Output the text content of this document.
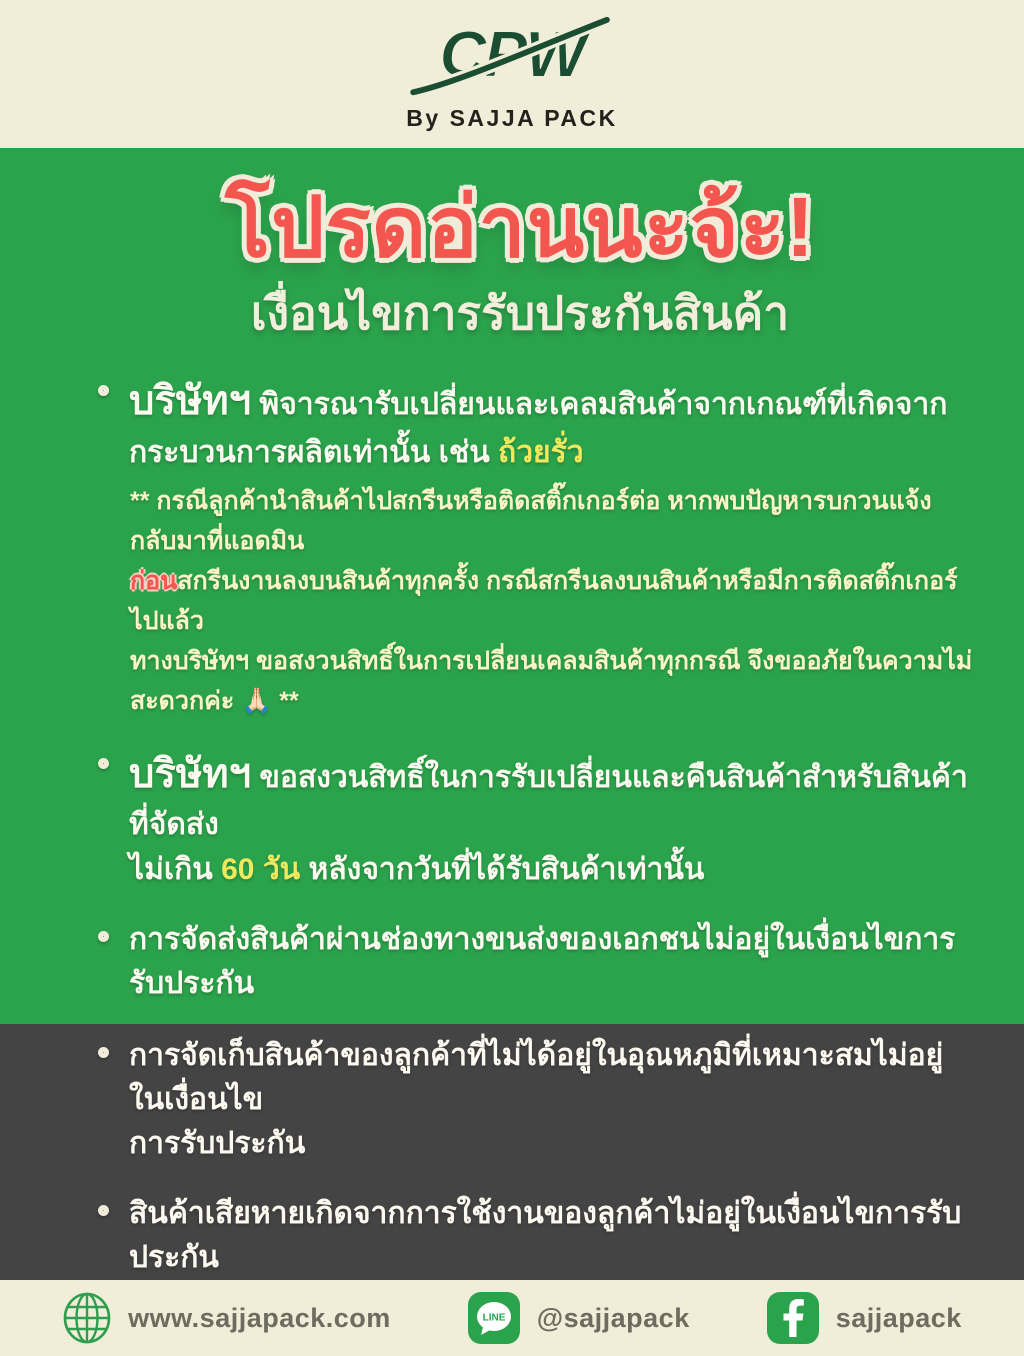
CPW
By SAJJA PACK
โปรดอ่านนะจ้ะ!
เงื่อนไขการรับประกันสินค้า
บริษัทฯ พิจารณารับเปลี่ยนและเคลมสินค้าจากเกณฑ์ที่เกิดจาก
กระบวนการผลิตเท่านั้น เช่น ถ้วยรั่ว
** กรณีลูกค้านำสินค้าไปสกรีนหรือติดสติ๊กเกอร์ต่อ หากพบปัญหารบกวนแจ้งกลับมาที่แอดมิน
ก่อนสกรีนงานลงบนสินค้าทุกครั้ง กรณีสกรีนลงบนสินค้าหรือมีการติดสติ๊กเกอร์ไปแล้ว
ทางบริษัทฯ ขอสงวนสิทธิ์ในการเปลี่ยนเคลมสินค้าทุกกรณี จึงขออภัยในความไม่สะดวกค่ะ 🙏🏻 **
บริษัทฯ ขอสงวนสิทธิ์ในการรับเปลี่ยนและคืนสินค้าสำหรับสินค้าที่จัดส่ง
ไม่เกิน 60 วัน หลังจากวันที่ได้รับสินค้าเท่านั้น
การจัดส่งสินค้าผ่านช่องทางขนส่งของเอกชนไม่อยู่ในเงื่อนไขการรับประกัน
การจัดเก็บสินค้าของลูกค้าที่ไม่ได้อยู่ในอุณหภูมิที่เหมาะสมไม่อยู่ในเงื่อนไข
การรับประกัน
สินค้าเสียหายเกิดจากการใช้งานของลูกค้าไม่อยู่ในเงื่อนไขการรับประกัน
www.sajjapack.com	LINE @sajjapack	sajjapack
